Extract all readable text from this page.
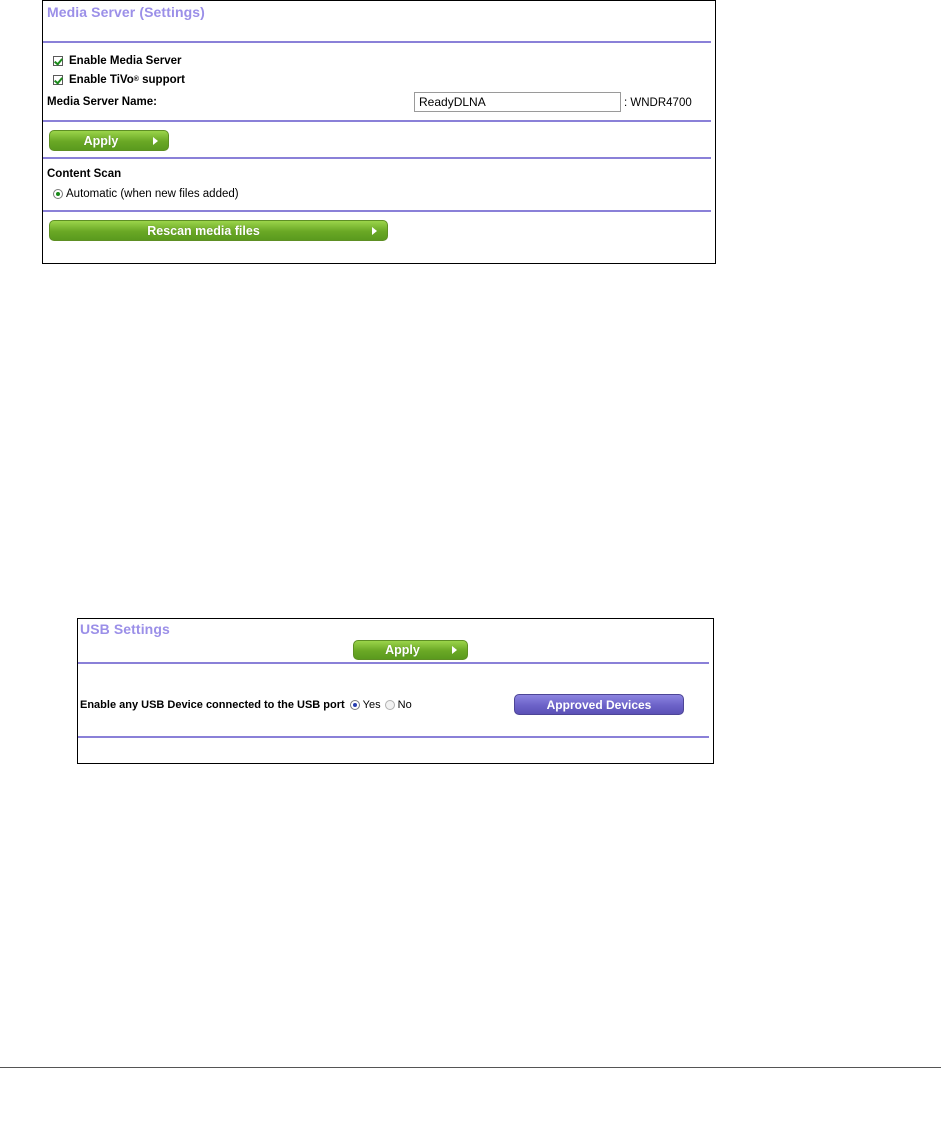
Media Server (Settings)
Enable Media Server
Enable TiVo ® support
Media Server Name:
ReadyDLNA	: WNDR4700
Apply
Content Scan
Automatic (when new files added)
Rescan media files
USB Settings
Apply
Enable any USB Device connected to the USB port Yes No	Approved Devices
